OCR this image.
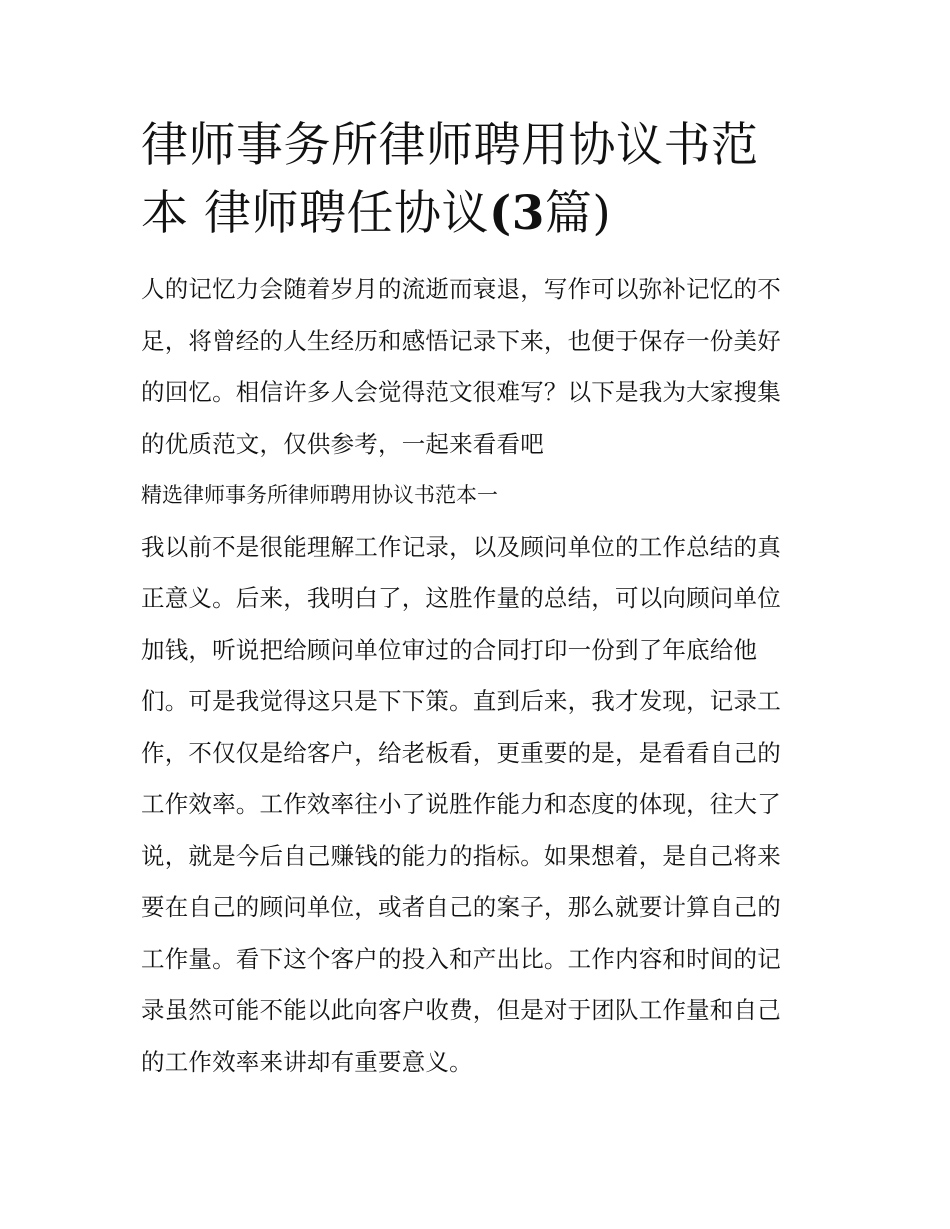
律师事务所律师聘用协议书范
本 律师聘任协议(3篇)

人的记忆力会随着岁月的流逝而衰退，写作可以弥补记忆的不
足，将曾经的人生经历和感悟记录下来，也便于保存一份美好
的回忆。相信许多人会觉得范文很难写？以下是我为大家搜集
的优质范文，仅供参考，一起来看看吧

精选律师事务所律师聘用协议书范本一

我以前不是很能理解工作记录，以及顾问单位的工作总结的真
正意义。后来，我明白了，这胜作量的总结，可以向顾问单位
加钱，听说把给顾问单位审过的合同打印一份到了年底给他
们。可是我觉得这只是下下策。直到后来，我才发现，记录工
作，不仅仅是给客户，给老板看，更重要的是，是看看自己的
工作效率。工作效率往小了说胜作能力和态度的体现，往大了
说，就是今后自己赚钱的能力的指标。如果想着，是自己将来
要在自己的顾问单位，或者自己的案子，那么就要计算自己的
工作量。看下这个客户的投入和产出比。工作内容和时间的记
录虽然可能不能以此向客户收费，但是对于团队工作量和自己
的工作效率来讲却有重要意义。
